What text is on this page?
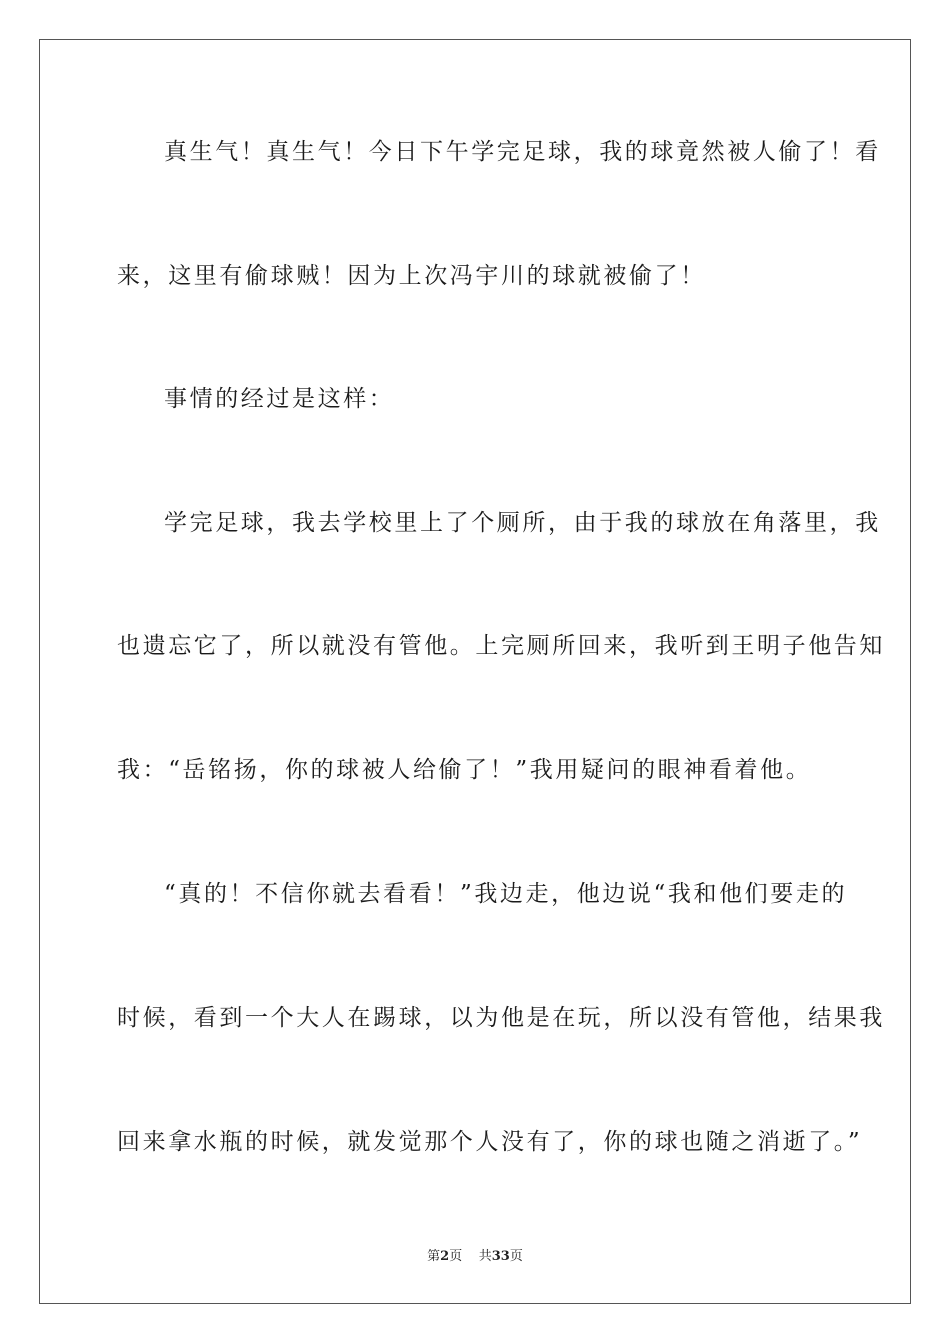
真生气！真生气！今日下午学完足球，我的球竟然被人偷了！看
来，这里有偷球贼！因为上次冯宇川的球就被偷了！
事情的经过是这样：
学完足球，我去学校里上了个厕所，由于我的球放在角落里，我
也遗忘它了，所以就没有管他。上完厕所回来，我听到王明子他告知
我：“岳铭扬，你的球被人给偷了！”我用疑问的眼神看着他。
“真的！不信你就去看看！”我边走，他边说“我和他们要走的
时候，看到一个大人在踢球，以为他是在玩，所以没有管他，结果我
回来拿水瓶的时候，就发觉那个人没有了，你的球也随之消逝了。”
第2页 共33页
